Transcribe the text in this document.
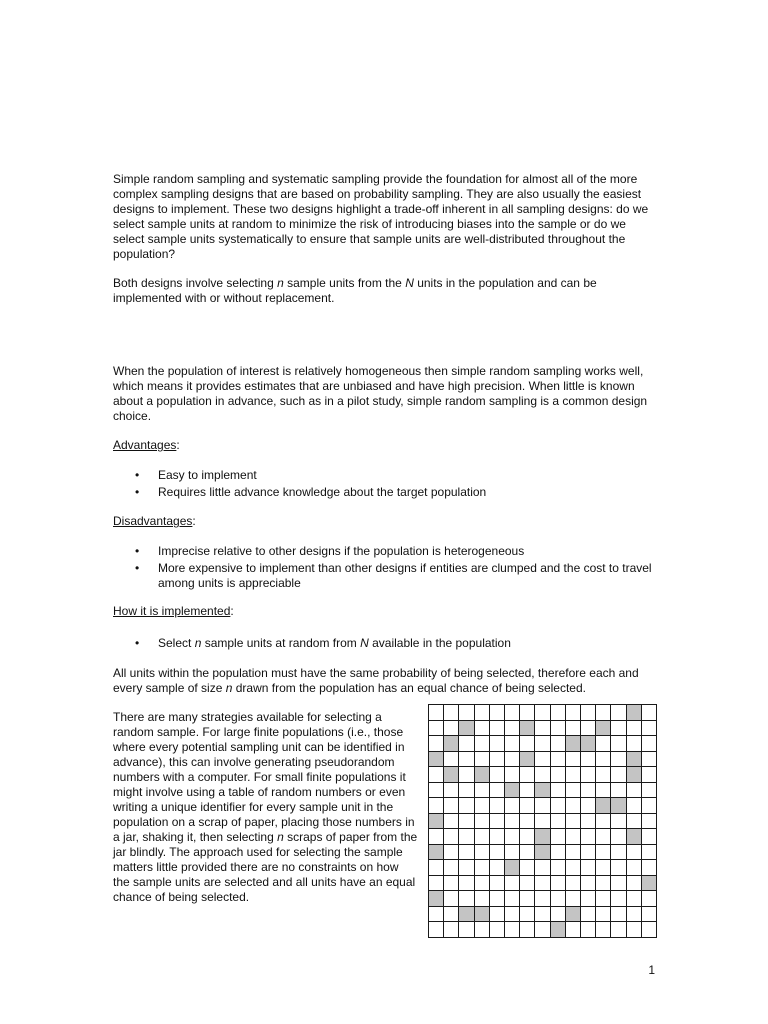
Simple random sampling and systematic sampling provide the foundation for almost all of the more complex sampling designs that are based on probability sampling. They are also usually the easiest designs to implement. These two designs highlight a trade-off inherent in all sampling designs: do we select sample units at random to minimize the risk of introducing biases into the sample or do we select sample units systematically to ensure that sample units are well-distributed throughout the population?

Both designs involve selecting n sample units from the N units in the population and can be implemented with or without replacement.

When the population of interest is relatively homogeneous then simple random sampling works well, which means it provides estimates that are unbiased and have high precision. When little is known about a population in advance, such as in a pilot study, simple random sampling is a common design choice.

Advantages:

• Easy to implement
• Requires little advance knowledge about the target population

Disadvantages:

• Imprecise relative to other designs if the population is heterogeneous
• More expensive to implement than other designs if entities are clumped and the cost to travel among units is appreciable

How it is implemented:

• Select n sample units at random from N available in the population

All units within the population must have the same probability of being selected, therefore each and every sample of size n drawn from the population has an equal chance of being selected.

There are many strategies available for selecting a random sample. For large finite populations (i.e., those where every potential sampling unit can be identified in advance), this can involve generating pseudorandom numbers with a computer. For small finite populations it might involve using a table of random numbers or even writing a unique identifier for every sample unit in the population on a scrap of paper, placing those numbers in a jar, shaking it, then selecting n scraps of paper from the jar blindly. The approach used for selecting the sample matters little provided there are no constraints on how the sample units are selected and all units have an equal chance of being selected.

1
